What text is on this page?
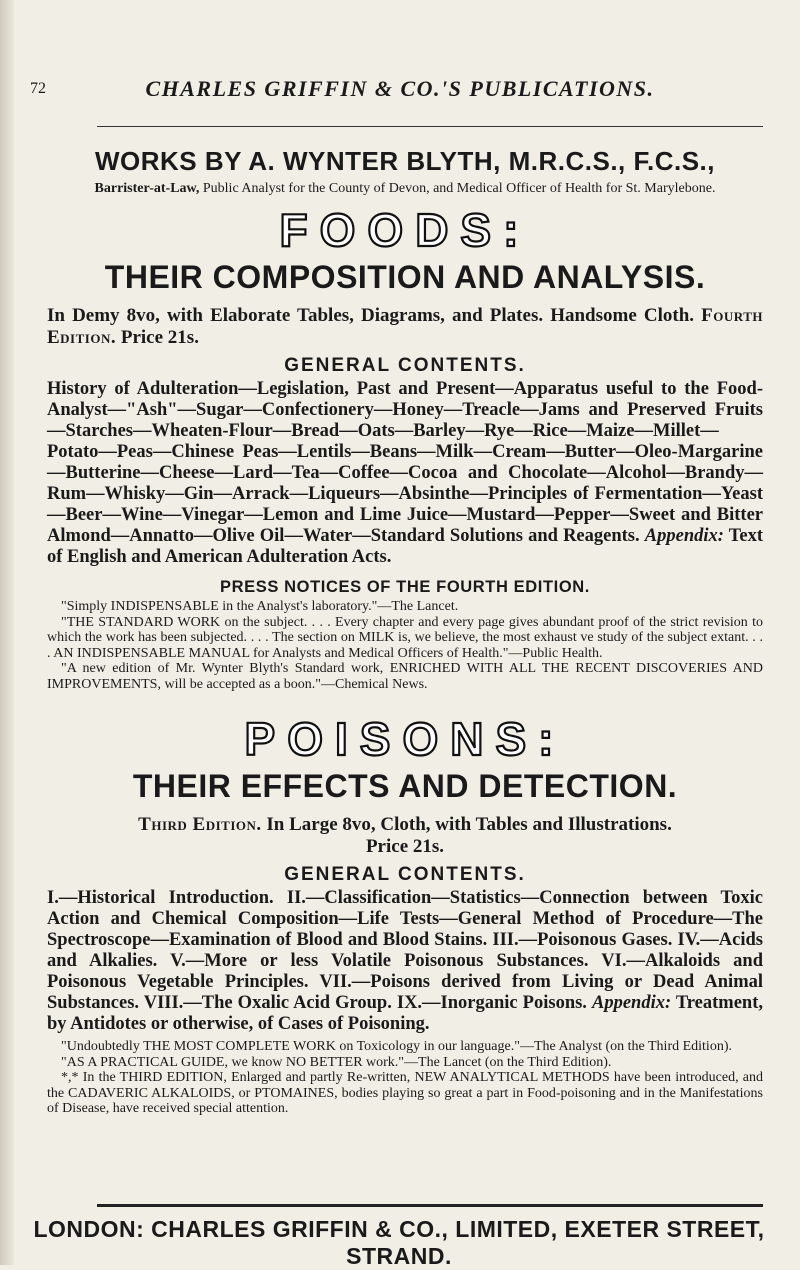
72	CHARLES GRIFFIN & CO.'S PUBLICATIONS.
WORKS BY A. WYNTER BLYTH, M.R.C.S., F.C.S.,
Barrister-at-Law, Public Analyst for the County of Devon, and Medical Officer of Health for St. Marylebone.
FOODS:
THEIR COMPOSITION AND ANALYSIS.
In Demy 8vo, with Elaborate Tables, Diagrams, and Plates. Handsome Cloth. Fourth Edition. Price 21s.
GENERAL CONTENTS.

History of Adulteration—Legislation, Past and Present—Apparatus useful to the Food-Analyst—"Ash"—Sugar—Confectionery—Honey—Treacle—Jams and Preserved Fruits—Starches—Wheaten-Flour—Bread—Oats—Barley—Rye—Rice—Maize—Millet—Potato—Peas—Chinese Peas—Lentils—Beans—Milk—Cream—Butter—Oleo-Margarine—Butterine—Cheese—Lard—Tea—Coffee—Cocoa and Chocolate—Alcohol—Brandy—Rum—Whisky—Gin—Arrack—Liqueurs—Absinthe—Principles of Fermentation—Yeast—Beer—Wine—Vinegar—Lemon and Lime Juice—Mustard—Pepper—Sweet and Bitter Almond—Annatto—Olive Oil—Water—Standard Solutions and Reagents. Appendix: Text of English and American Adulteration Acts.

PRESS NOTICES OF THE FOURTH EDITION.

"Simply INDISPENSABLE in the Analyst's laboratory."—The Lancet.

"THE STANDARD WORK on the subject. . . . Every chapter and every page gives abundant proof of the strict revision to which the work has been subjected. . . . The section on MILK is, we believe, the most exhaust ve study of the subject extant. . . . AN INDISPENSABLE MANUAL for Analysts and Medical Officers of Health."—Public Health.

"A new edition of Mr. Wynter Blyth's Standard work, ENRICHED WITH ALL THE RECENT DISCOVERIES AND IMPROVEMENTS, will be accepted as a boon."—Chemical News.

POISONS:
THEIR EFFECTS AND DETECTION.
Third Edition. In Large 8vo, Cloth, with Tables and Illustrations.
Price 21s.
GENERAL CONTENTS.

I.—Historical Introduction. II.—Classification—Statistics—Connection between Toxic Action and Chemical Composition—Life Tests—General Method of Procedure—The Spectroscope—Examination of Blood and Blood Stains. III.—Poisonous Gases. IV.—Acids and Alkalies. V.—More or less Volatile Poisonous Substances. VI.—Alkaloids and Poisonous Vegetable Principles. VII.—Poisons derived from Living or Dead Animal Substances. VIII.—The Oxalic Acid Group. IX.—Inorganic Poisons. Appendix: Treatment, by Antidotes or otherwise, of Cases of Poisoning.

"Undoubtedly THE MOST COMPLETE WORK on Toxicology in our language."—The Analyst (on the Third Edition).

"AS A PRACTICAL GUIDE, we know NO BETTER work."—The Lancet (on the Third Edition).

*,* In the THIRD EDITION, Enlarged and partly Re-written, NEW ANALYTICAL METHODS have been introduced, and the CADAVERIC ALKALOIDS, or PTOMAINES, bodies playing so great a part in Food-poisoning and in the Manifestations of Disease, have received special attention.

LONDON: CHARLES GRIFFIN & CO., LIMITED, EXETER STREET, STRAND.
